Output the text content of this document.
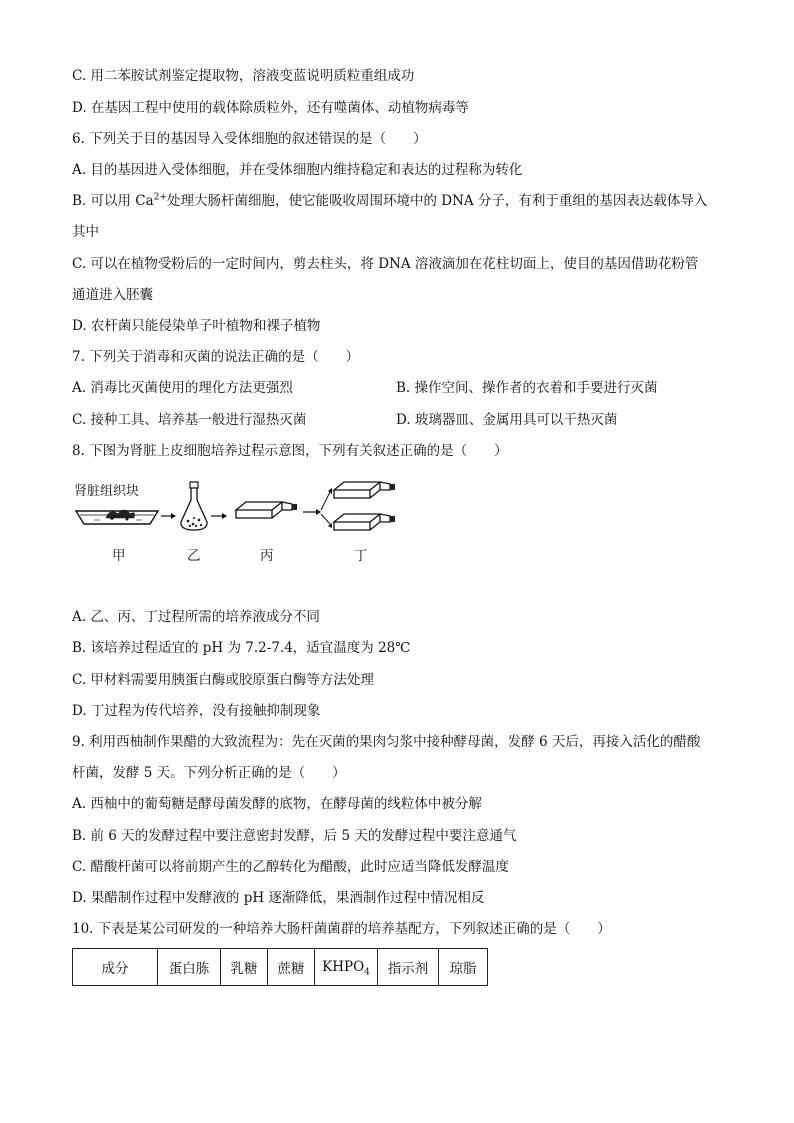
C. 用二苯胺试剂鉴定提取物，溶液变蓝说明质粒重组成功
D. 在基因工程中使用的载体除质粒外，还有噬菌体、动植物病毒等
6. 下列关于目的基因导入受体细胞的叙述错误的是（　　）
A. 目的基因进入受体细胞，并在受体细胞内维持稳定和表达的过程称为转化
B. 可以用 $Ca^{2+}$处理大肠杆菌细胞，使它能吸收周围环境中的 DNA 分子，有利于重组的基因表达载体导入
其中
C. 可以在植物受粉后的一定时间内，剪去柱头，将 DNA 溶液滴加在花柱切面上，使目的基因借助花粉管
通道进入胚囊
D. 农杆菌只能侵染单子叶植物和裸子植物
7. 下列关于消毒和灭菌的说法正确的是（　　）
A. 消毒比灭菌使用的理化方法更强烈	B. 操作空间、操作者的衣着和手要进行灭菌
C. 接种工具、培养基一般进行湿热灭菌	D. 玻璃器皿、金属用具可以干热灭菌
8. 下图为肾脏上皮细胞培养过程示意图，下列有关叙述正确的是（　　）
肾脏组织块
甲	乙	丙	丁
A. 乙、丙、丁过程所需的培养液成分不同
B. 该培养过程适宜的 pH 为 7.2-7.4，适宜温度为 28℃
C. 甲材料需要用胰蛋白酶或胶原蛋白酶等方法处理
D. 丁过程为传代培养，没有接触抑制现象
9. 利用西柚制作果醋的大致流程为：先在灭菌的果肉匀浆中接种酵母菌，发酵 6 天后，再接入活化的醋酸
杆菌，发酵 5 天。下列分析正确的是（　　）
A. 西柚中的葡萄糖是酵母菌发酵的底物，在酵母菌的线粒体中被分解
B. 前 6 天的发酵过程中要注意密封发酵，后 5 天的发酵过程中要注意通气
C. 醋酸杆菌可以将前期产生的乙醇转化为醋酸，此时应适当降低发酵温度
D. 果醋制作过程中发酵液的 pH 逐渐降低，果酒制作过程中情况相反
10. 下表是某公司研发的一种培养大肠杆菌菌群的培养基配方，下列叙述正确的是（　　）
成分	蛋白胨	乳糖	蔗糖	$KHPO_4$	指示剂	琼脂
